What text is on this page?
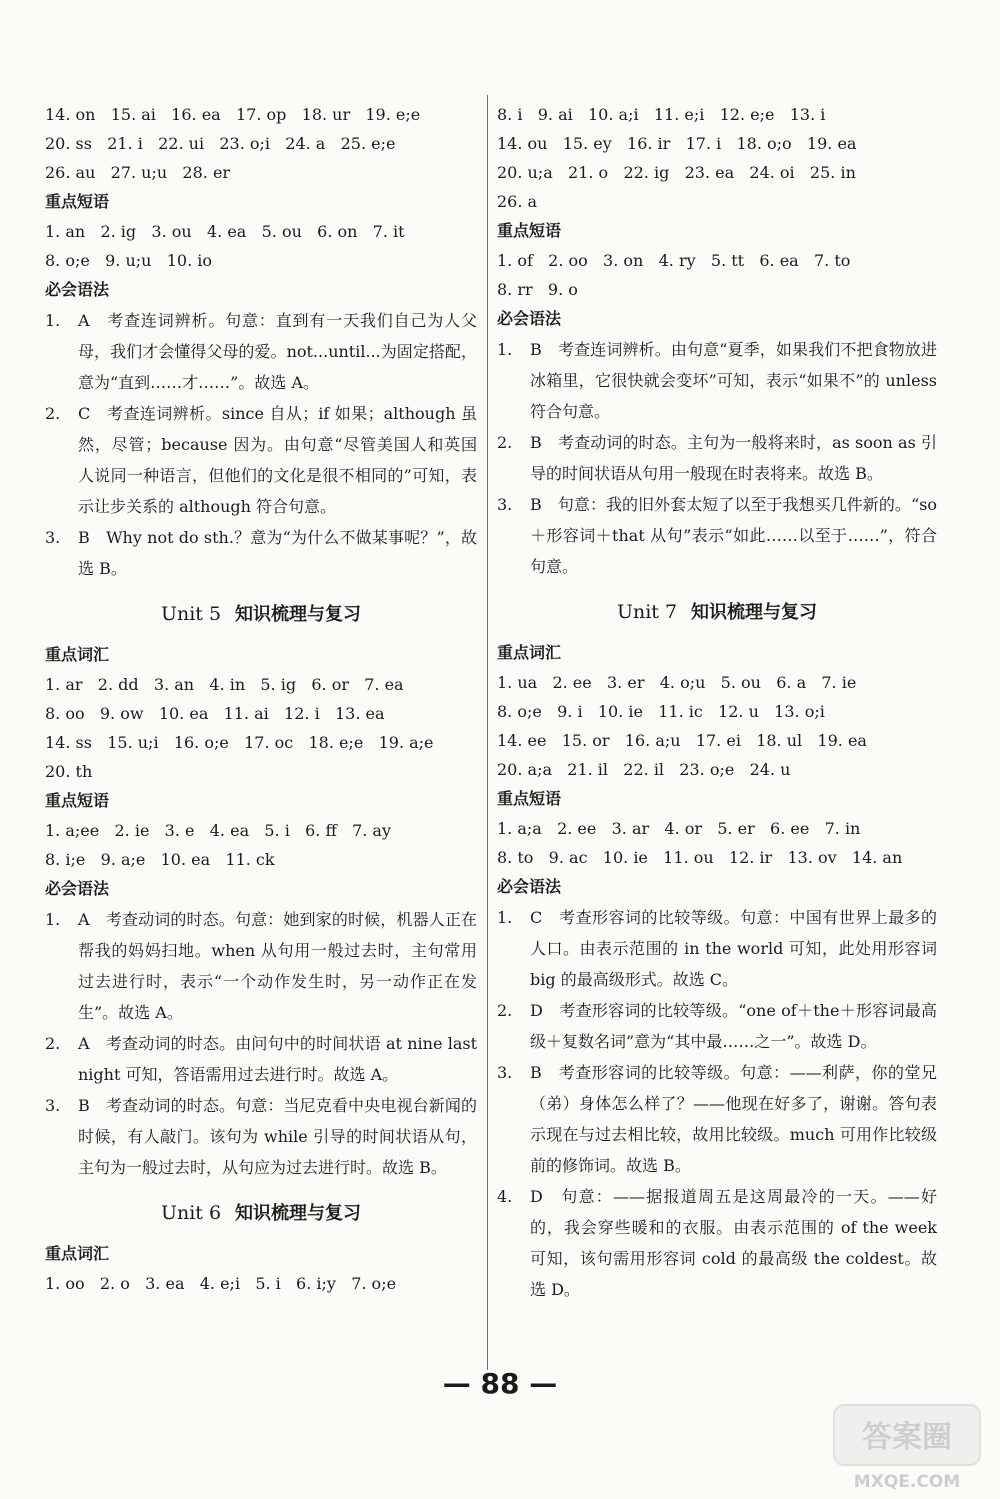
14. on   15. ai   16. ea   17. op   18. ur   19. e;e
20. ss   21. i   22. ui   23. o;i   24. a   25. e;e
26. au   27. u;u   28. er
重点短语
1. an   2. ig   3. ou   4. ea   5. ou   6. on   7. it
8. o;e   9. u;u   10. io
必会语法
1. A　考查连词辨析。句意：直到有一天我们自己为人父母，我们才会懂得父母的爱。not...until...为固定搭配，意为“直到……才……”。故选 A。
2. C　考查连词辨析。since 自从；if 如果；although 虽然，尽管；because 因为。由句意“尽管美国人和英国人说同一种语言，但他们的文化是很不相同的”可知，表示让步关系的 although 符合句意。
3. B　Why not do sth.？意为“为什么不做某事呢？”，故选 B。
Unit 5 知识梳理与复习
重点词汇
1. ar   2. dd   3. an   4. in   5. ig   6. or   7. ea
8. oo   9. ow   10. ea   11. ai   12. i   13. ea
14. ss   15. u;i   16. o;e   17. oc   18. e;e   19. a;e
20. th
重点短语
1. a;ee   2. ie   3. e   4. ea   5. i   6. ff   7. ay
8. i;e   9. a;e   10. ea   11. ck
必会语法
1. A　考查动词的时态。句意：她到家的时候，机器人正在帮我的妈妈扫地。when 从句用一般过去时，主句常用过去进行时，表示“一个动作发生时，另一动作正在发生”。故选 A。
2. A　考查动词的时态。由问句中的时间状语 at nine last night 可知，答语需用过去进行时。故选 A。
3. B　考查动词的时态。句意：当尼克看中央电视台新闻的时候，有人敲门。该句为 while 引导的时间状语从句，主句为一般过去时，从句应为过去进行时。故选 B。
Unit 6 知识梳理与复习
重点词汇
1. oo   2. o   3. ea   4. e;i   5. i   6. i;y   7. o;e
8. i   9. ai   10. a;i   11. e;i   12. e;e   13. i
14. ou   15. ey   16. ir   17. i   18. o;o   19. ea
20. u;a   21. o   22. ig   23. ea   24. oi   25. in
26. a
重点短语
1. of   2. oo   3. on   4. ry   5. tt   6. ea   7. to
8. rr   9. o
必会语法
1. B　考查连词辨析。由句意“夏季，如果我们不把食物放进冰箱里，它很快就会变坏”可知，表示“如果不”的 unless 符合句意。
2. B　考查动词的时态。主句为一般将来时，as soon as 引导的时间状语从句用一般现在时表将来。故选 B。
3. B　句意：我的旧外套太短了以至于我想买几件新的。“so＋形容词＋that 从句”表示“如此……以至于……”，符合句意。
Unit 7 知识梳理与复习
重点词汇
1. ua   2. ee   3. er   4. o;u   5. ou   6. a   7. ie
8. o;e   9. i   10. ie   11. ic   12. u   13. o;i
14. ee   15. or   16. a;u   17. ei   18. ul   19. ea
20. a;a   21. il   22. il   23. o;e   24. u
重点短语
1. a;a   2. ee   3. ar   4. or   5. er   6. ee   7. in
8. to   9. ac   10. ie   11. ou   12. ir   13. ov   14. an
必会语法
1. C　考查形容词的比较等级。句意：中国有世界上最多的人口。由表示范围的 in the world 可知，此处用形容词 big 的最高级形式。故选 C。
2. D　考查形容词的比较等级。“one of＋the＋形容词最高级＋复数名词”意为“其中最……之一”。故选 D。
3. B　考查形容词的比较等级。句意：——利萨，你的堂兄（弟）身体怎么样了？——他现在好多了，谢谢。答句表示现在与过去相比较，故用比较级。much 可用作比较级前的修饰词。故选 B。
4. D　句意：——据报道周五是这周最冷的一天。——好的，我会穿些暖和的衣服。由表示范围的 of the week 可知，该句需用形容词 cold 的最高级 the coldest。故选 D。
— 88 —
答案圈
MXQE.COM
